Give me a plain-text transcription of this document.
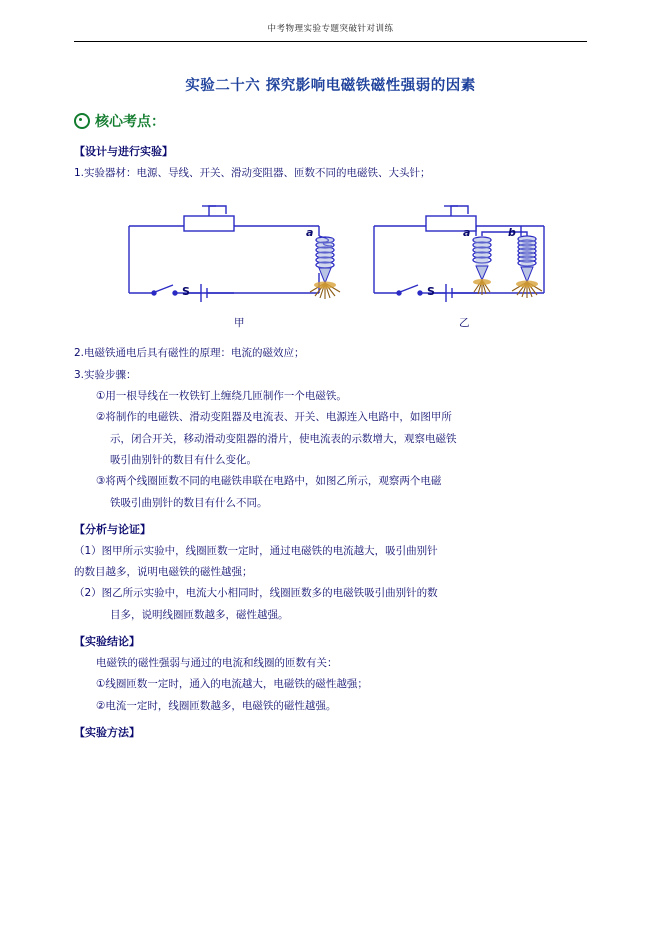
中考物理实验专题突破针对训练
实验二十六 探究影响电磁铁磁性强弱的因素
核心考点：
【设计与进行实验】
1.实验器材：电源、导线、开关、滑动变阻器、匝数不同的电磁铁、大头针；
a	a	b
S	S
甲	乙
2.电磁铁通电后具有磁性的原理：电流的磁效应；
3.实验步骤：
①用一根导线在一枚铁钉上缠绕几匝制作一个电磁铁。
②将制作的电磁铁、滑动变阻器及电流表、开关、电源连入电路中，如图甲所
示，闭合开关，移动滑动变阻器的滑片，使电流表的示数增大，观察电磁铁
吸引曲别针的数目有什么变化。
③将两个线圈匝数不同的电磁铁串联在电路中，如图乙所示，观察两个电磁
铁吸引曲别针的数目有什么不同。
【分析与论证】
（1）图甲所示实验中，线圈匝数一定时，通过电磁铁的电流越大，吸引曲别针
的数目越多，说明电磁铁的磁性越强；
（2）图乙所示实验中，电流大小相同时，线圈匝数多的电磁铁吸引曲别针的数
目多，说明线圈匝数越多，磁性越强。
【实验结论】
电磁铁的磁性强弱与通过的电流和线圈的匝数有关：
①线圈匝数一定时，通入的电流越大，电磁铁的磁性越强；
②电流一定时，线圈匝数越多，电磁铁的磁性越强。
【实验方法】
